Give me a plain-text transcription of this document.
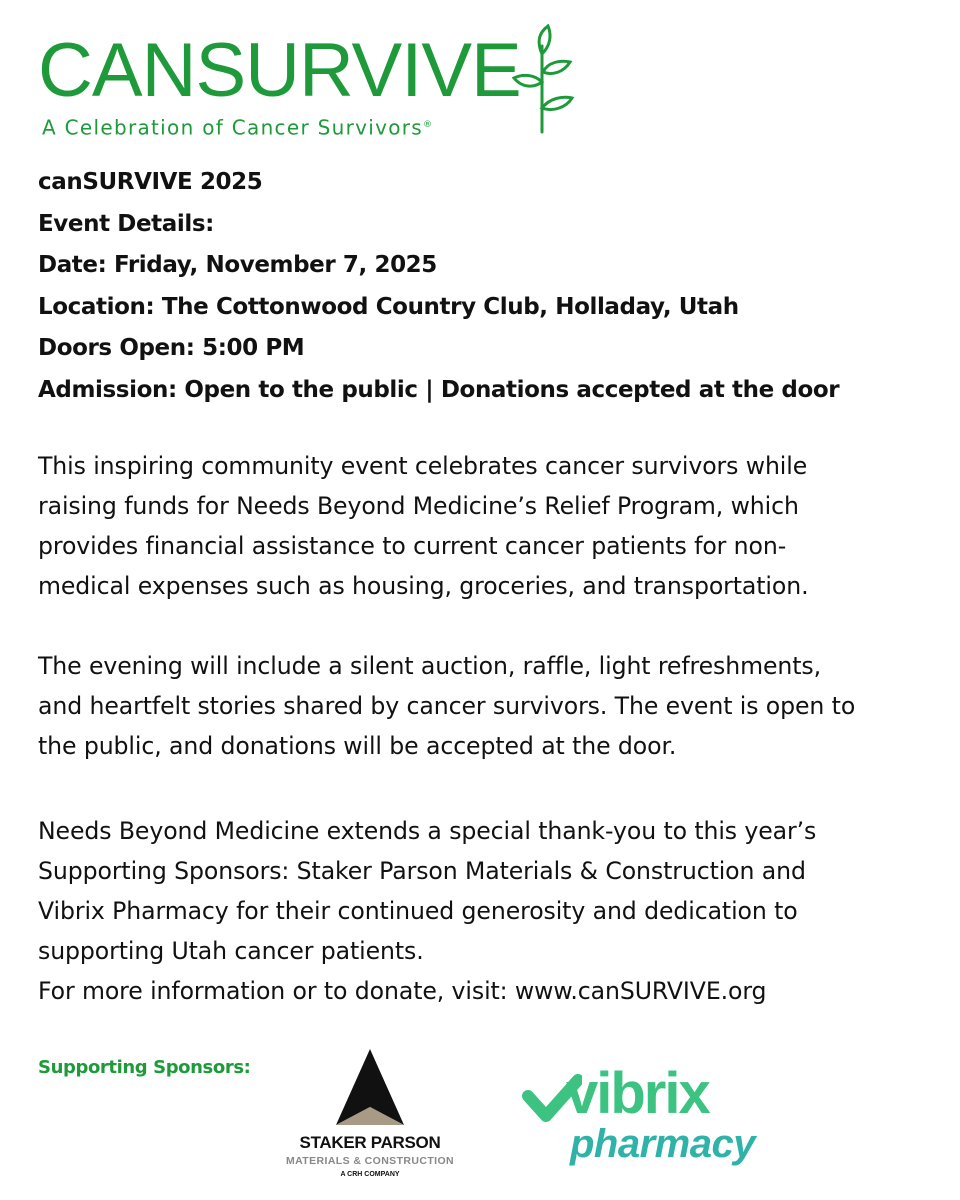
CANSURVIVE
A Celebration of Cancer Survivors®
canSURVIVE 2025
Event Details:
Date: Friday, November 7, 2025
Location: The Cottonwood Country Club, Holladay, Utah
Doors Open: 5:00 PM
Admission: Open to the public | Donations accepted at the door

This inspiring community event celebrates cancer survivors while
raising funds for Needs Beyond Medicine’s Relief Program, which
provides financial assistance to current cancer patients for non-
medical expenses such as housing, groceries, and transportation.

The evening will include a silent auction, raffle, light refreshments,
and heartfelt stories shared by cancer survivors. The event is open to
the public, and donations will be accepted at the door.

Needs Beyond Medicine extends a special thank-you to this year’s
Supporting Sponsors: Staker Parson Materials & Construction and
Vibrix Pharmacy for their continued generosity and dedication to
supporting Utah cancer patients.
For more information or to donate, visit: www.canSURVIVE.org

Supporting Sponsors:
STAKER PARSON
MATERIALS & CONSTRUCTION
A CRH COMPANY
vibrix
pharmacy
